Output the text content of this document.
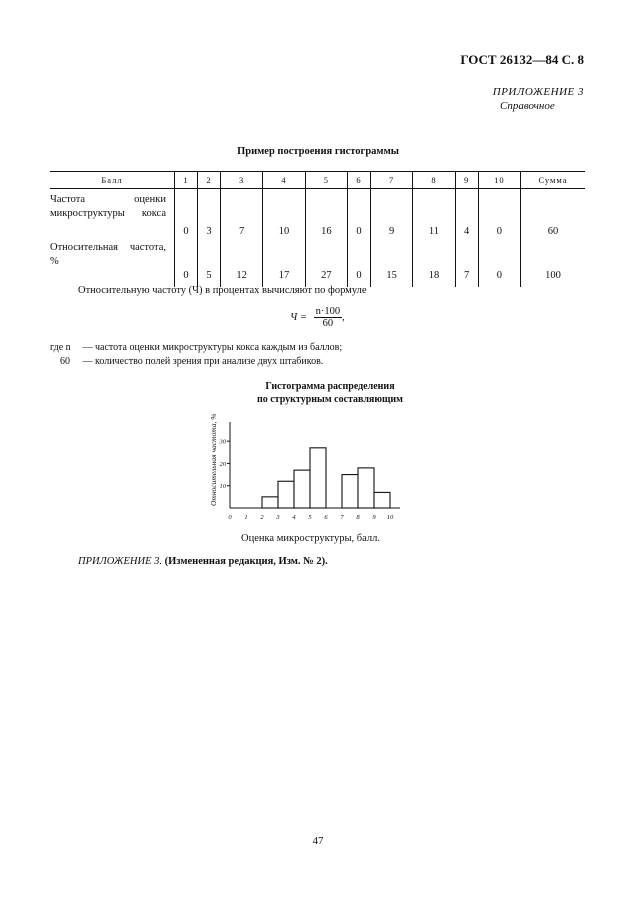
ГОСТ 26132—84 С. 8
ПРИЛОЖЕНИЕ 3
Справочное
Пример построения гистограммы
Балл	1	2	3	4	5	6	7	8	9	10	Сумма
Частота оценки микроструктуры кокса	0	3	7	10	16	0	9	11	4	0	60
Относительная частота, %	0	5	12	17	27	0	15	18	7	0	100
Относительную частоту (Ч) в процентах вычисляют по формуле
$Ч = \frac{n\cdot 100}{60}$ ,
где n — частота оценки микроструктуры кокса каждым из баллов;
60 — количество полей зрения при анализе двух штабиков.
Гистограмма распределения
по структурным составляющим
Относительная частота, % 10
20
30
0 1 2 3 4 5 6 7 8 9 10
Оценка микроструктуры, балл.
ПРИЛОЖЕНИЕ 3. (Измененная редакция, Изм. № 2).
47
